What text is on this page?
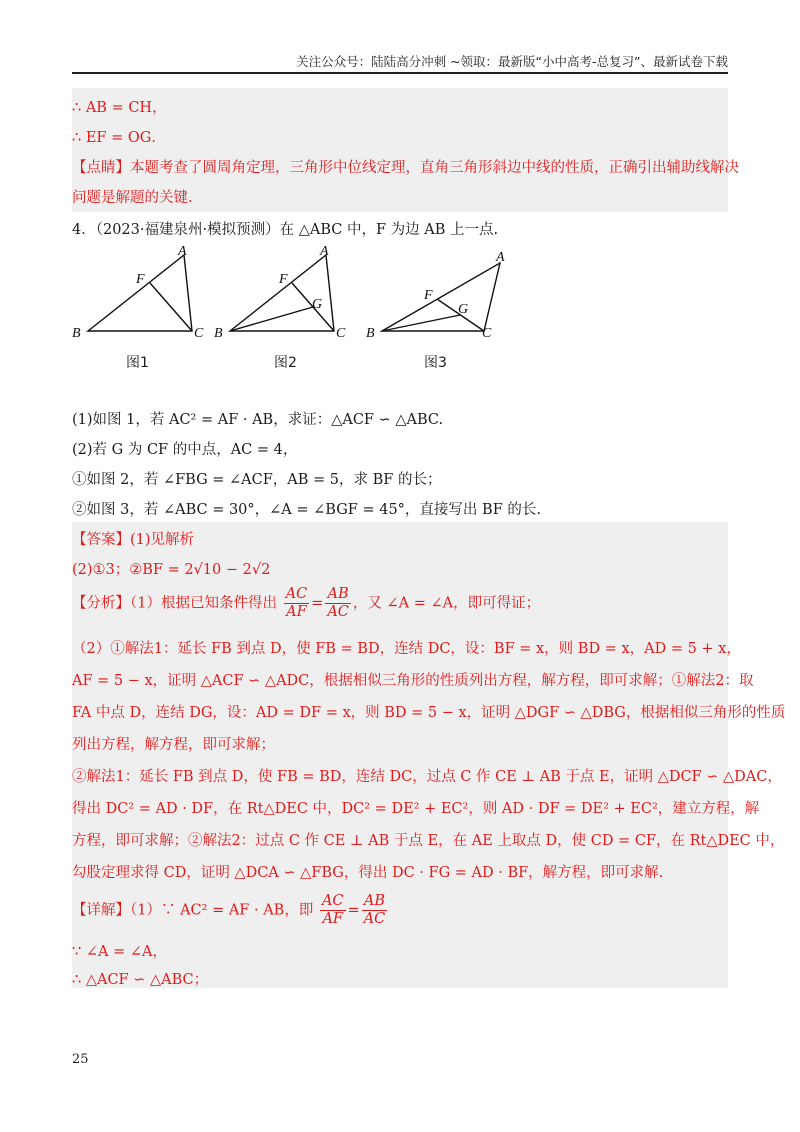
关注公众号：陆陆高分冲刺 ~领取：最新版“小中高考-总复习”、最新试卷下载
∴ AB = CH，
∴ EF = OG．
【点睛】本题考查了圆周角定理，三角形中位线定理，直角三角形斜边中线的性质，正确引出辅助线解决
问题是解题的关键.
4．（2023·福建泉州·模拟预测）在 △ABC 中，F 为边 AB 上一点.
A
F
B	C
A
F
G
B	C
A
F
G
B	C
图1	图2	图3
(1)如图 1，若 AC² = AF · AB，求证：△ACF ∽ △ABC.
(2)若 G 为 CF 的中点，AC = 4，
①如图 2，若 ∠FBG = ∠ACF，AB = 5，求 BF 的长；
②如图 3，若 ∠ABC = 30°，∠A = ∠BGF = 45°，直接写出 BF 的长.
【答案】(1)见解析
(2)①3；②BF = 2√10 − 2√2
【分析】（1）根据已知条件得出 $\frac{AC}{AF} = \frac{AB}{AC}$ ，又 ∠A = ∠A，即可得证；
（2）①解法1：延长 FB 到点 D，使 FB = BD，连结 DC，设：BF = x，则 BD = x，AD = 5 + x，
AF = 5 − x，证明 △ACF ∽ △ADC，根据相似三角形的性质列出方程，解方程，即可求解；①解法2：取
FA 中点 D，连结 DG，设：AD = DF = x，则 BD = 5 − x，证明 △DGF ∽ △DBG，根据相似三角形的性质
列出方程，解方程，即可求解；
②解法1：延长 FB 到点 D，使 FB = BD，连结 DC，过点 C 作 CE ⊥ AB 于点 E，证明 △DCF ∽ △DAC，
得出 DC² = AD · DF，在 Rt△DEC 中，DC² = DE² + EC²，则 AD · DF = DE² + EC²，建立方程，解
方程，即可求解；②解法2：过点 C 作 CE ⊥ AB 于点 E，在 AE 上取点 D，使 CD = CF，在 Rt△DEC 中，
勾股定理求得 CD，证明 △DCA ∽ △FBG，得出 DC · FG = AD · BF，解方程，即可求解.
【详解】（1）∵ AC² = AF · AB，即 $\frac{AC}{AF} = \frac{AB}{AC}$
∵ ∠A = ∠A，
∴ △ACF ∽ △ABC；
25
